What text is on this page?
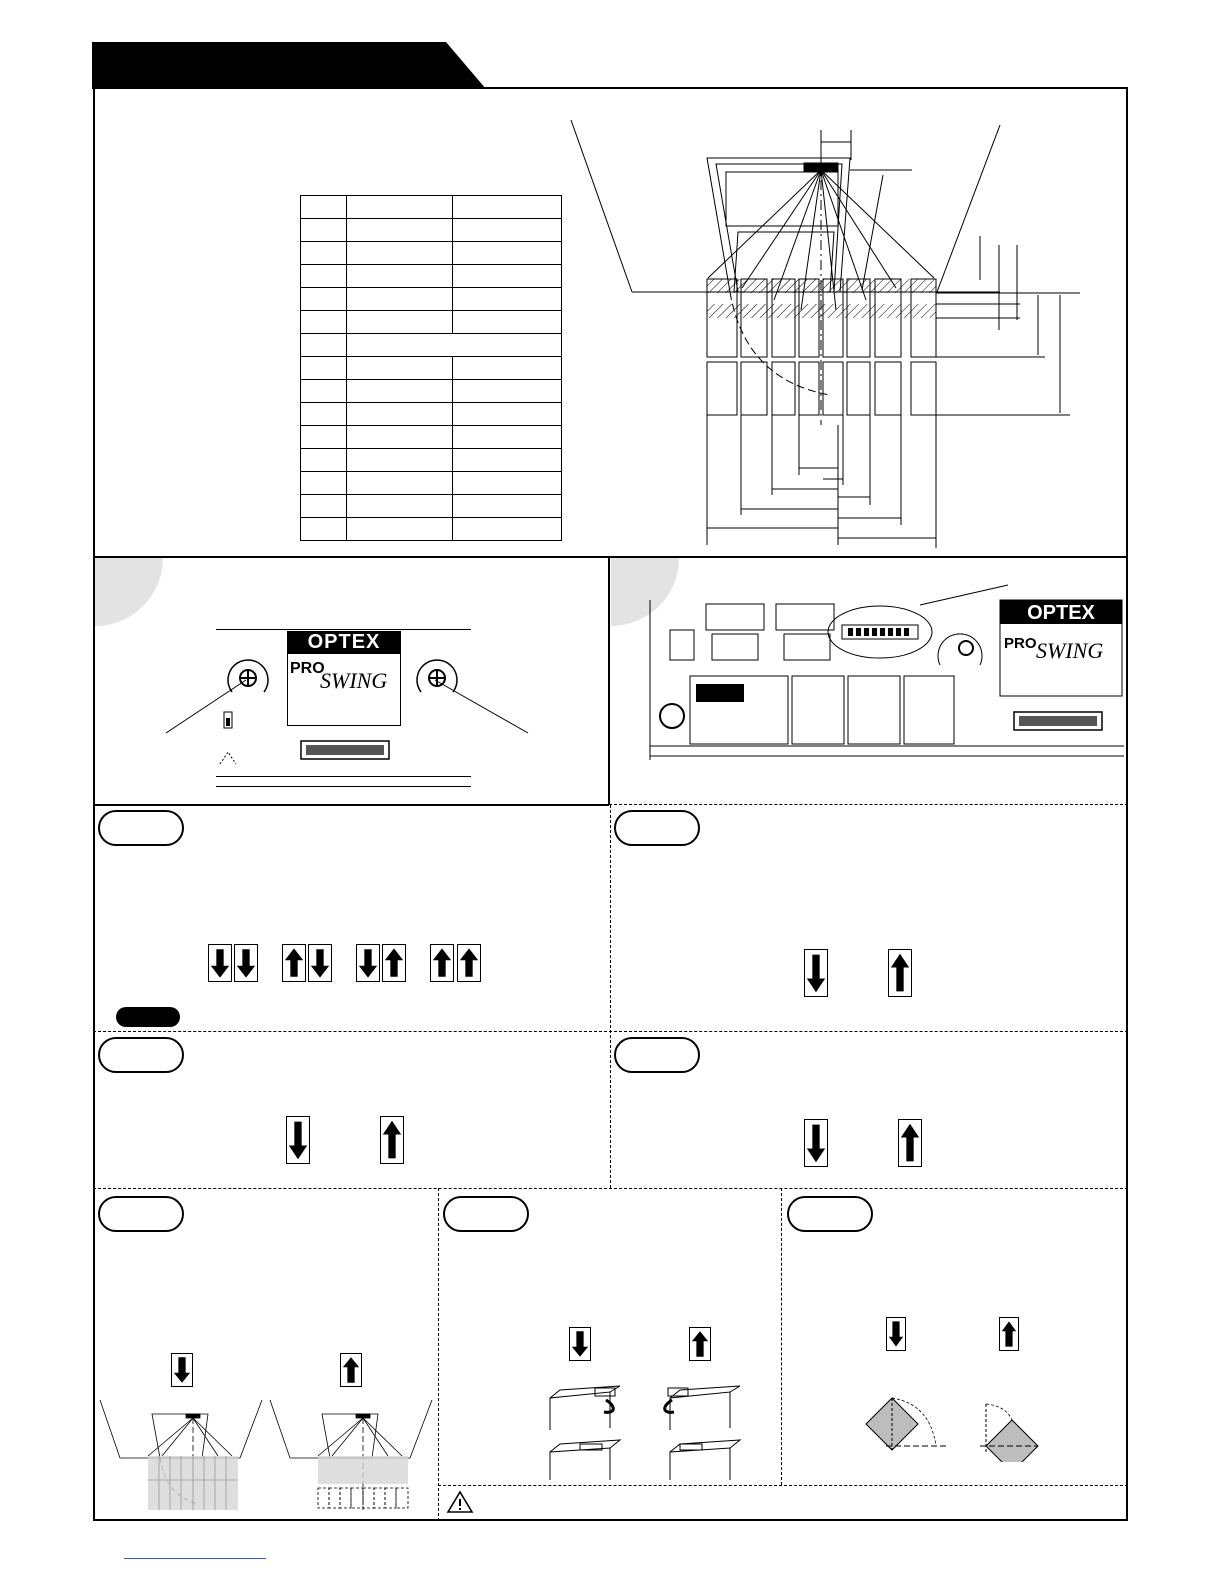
OPTEX
PRO
SWING
OPTEX
PRO SWING
